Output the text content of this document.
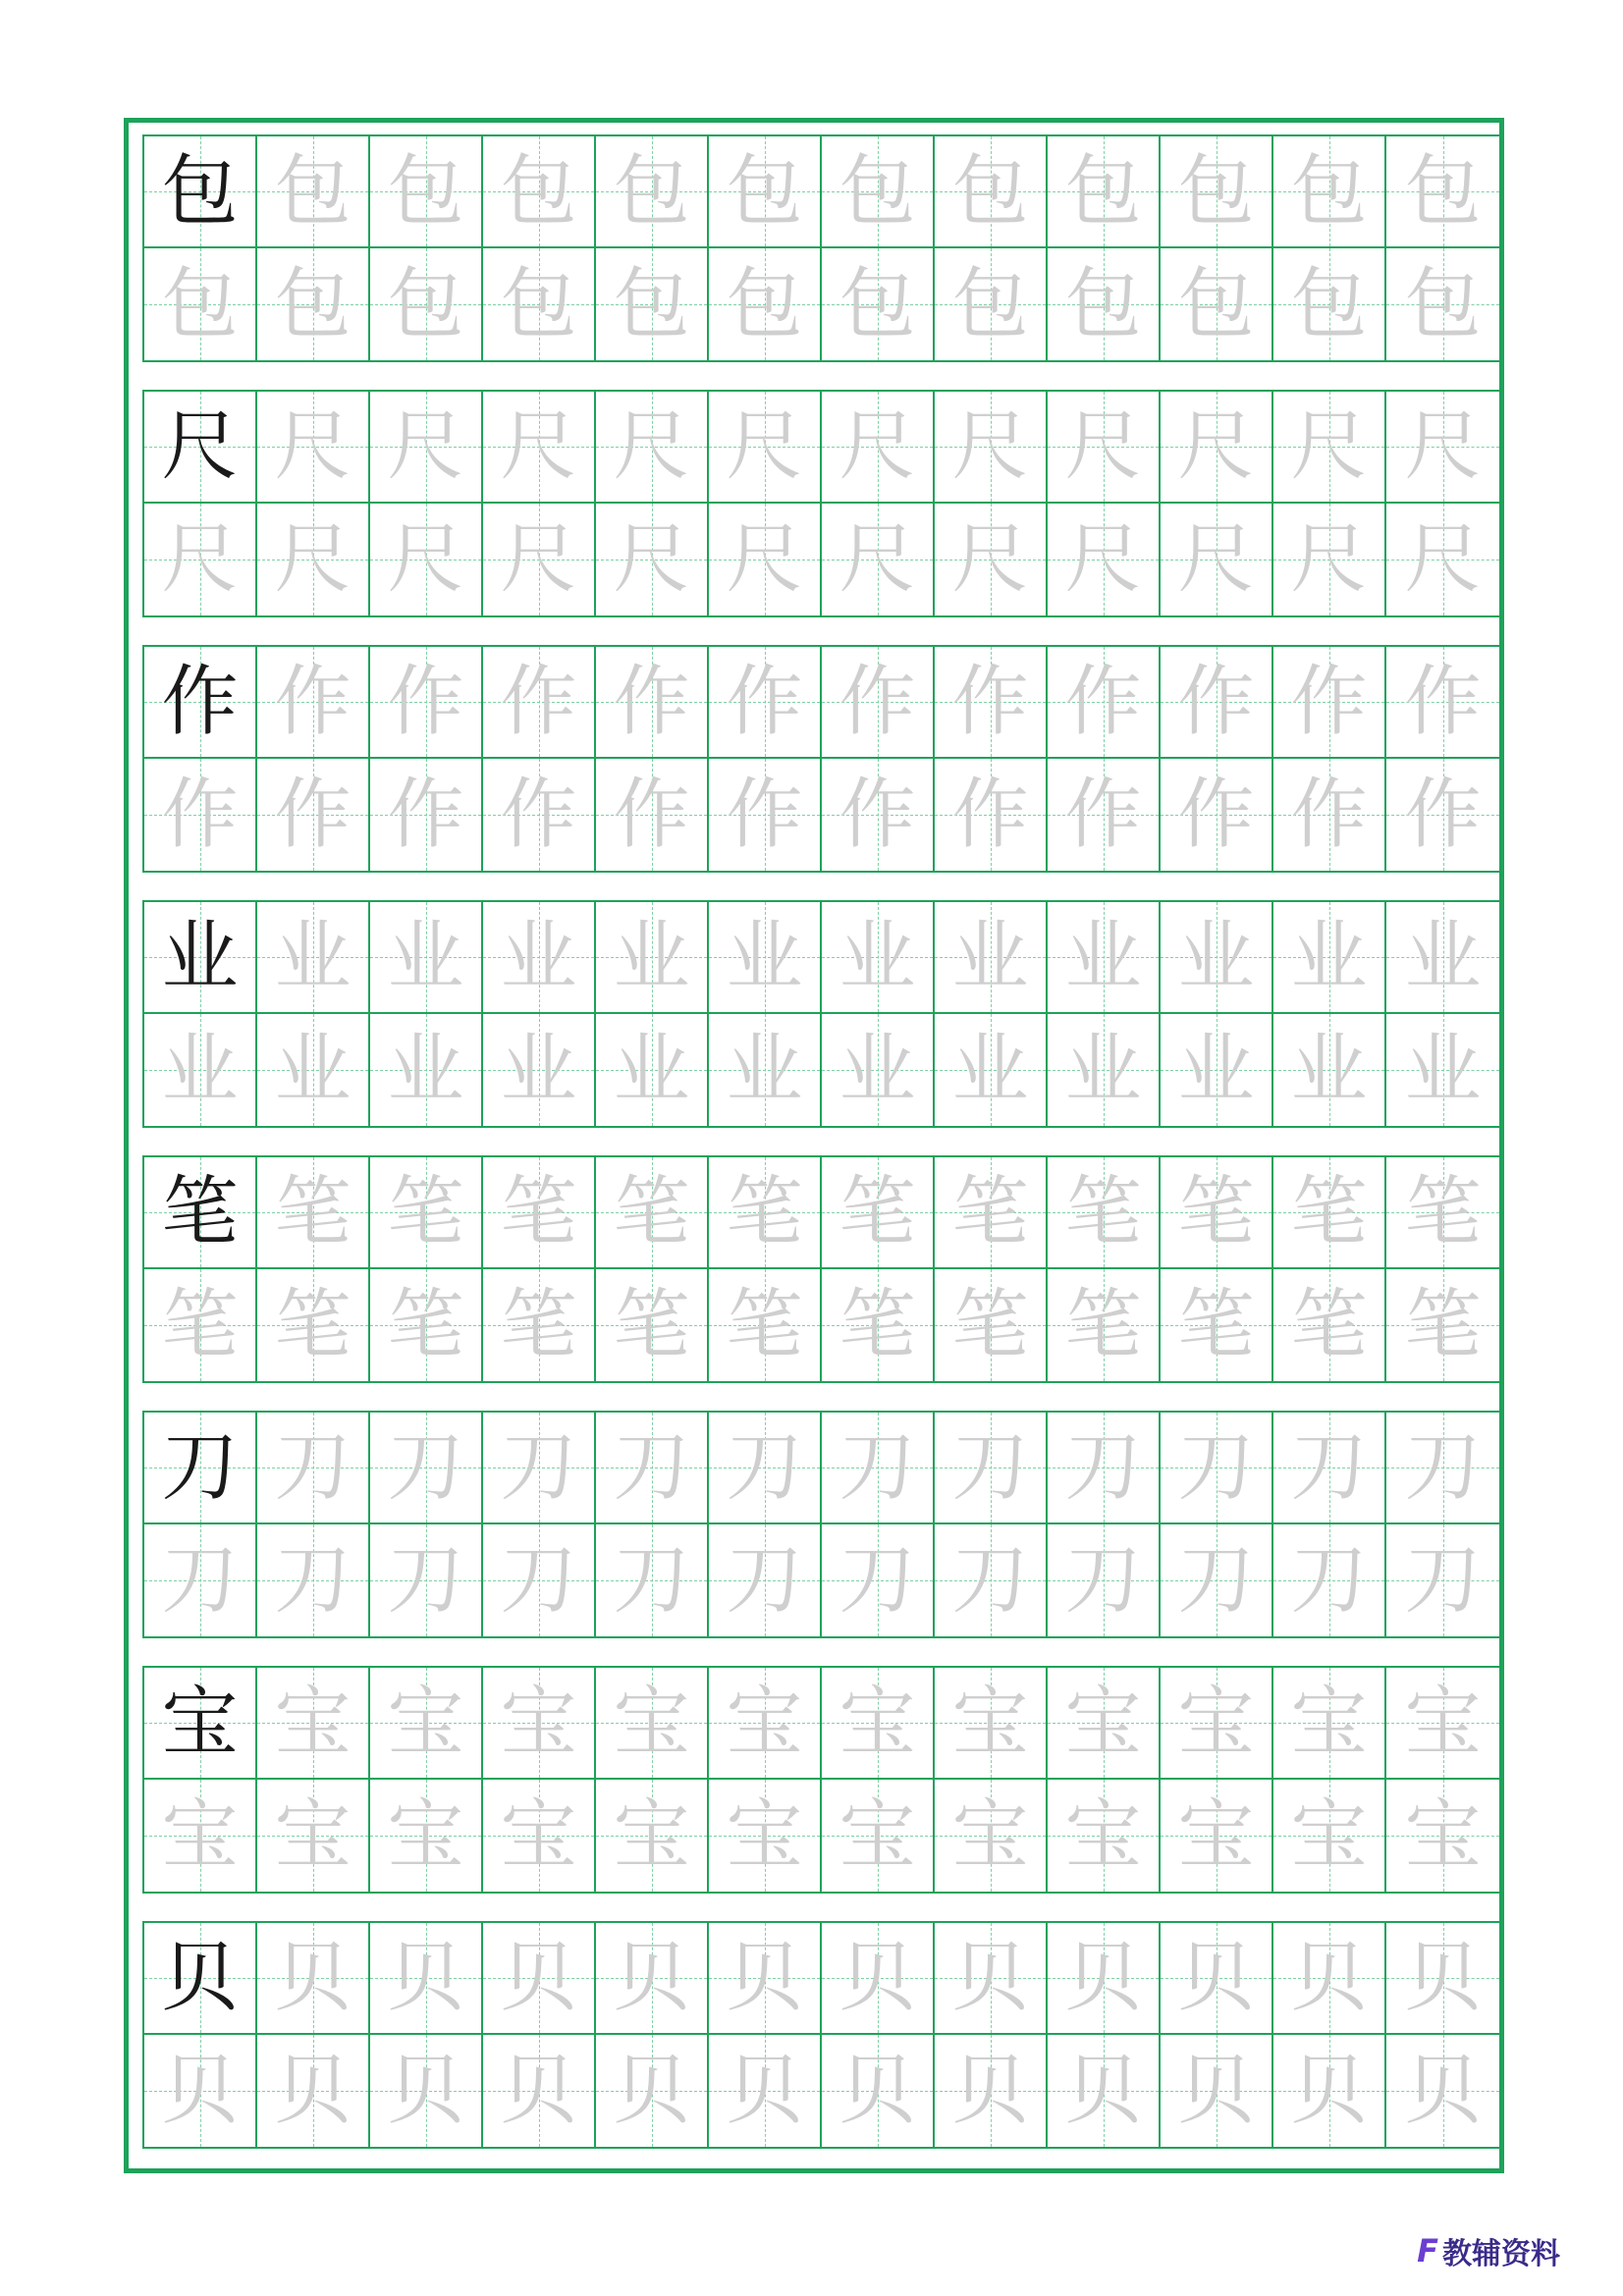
包 包 包 包 包 包 包 包 包 包 包 包
包 包 包 包 包 包 包 包 包 包 包 包
尺 尺 尺 尺 尺 尺 尺 尺 尺 尺 尺 尺
尺 尺 尺 尺 尺 尺 尺 尺 尺 尺 尺 尺
作 作 作 作 作 作 作 作 作 作 作 作
作 作 作 作 作 作 作 作 作 作 作 作
业 业 业 业 业 业 业 业 业 业 业 业
业 业 业 业 业 业 业 业 业 业 业 业
笔 笔 笔 笔 笔 笔 笔 笔 笔 笔 笔 笔
笔 笔 笔 笔 笔 笔 笔 笔 笔 笔 笔 笔
刀 刀 刀 刀 刀 刀 刀 刀 刀 刀 刀 刀
刀 刀 刀 刀 刀 刀 刀 刀 刀 刀 刀 刀
宝 宝 宝 宝 宝 宝 宝 宝 宝 宝 宝 宝
宝 宝 宝 宝 宝 宝 宝 宝 宝 宝 宝 宝
贝 贝 贝 贝 贝 贝 贝 贝 贝 贝 贝 贝
贝 贝 贝 贝 贝 贝 贝 贝 贝 贝 贝 贝
F 教辅资料
